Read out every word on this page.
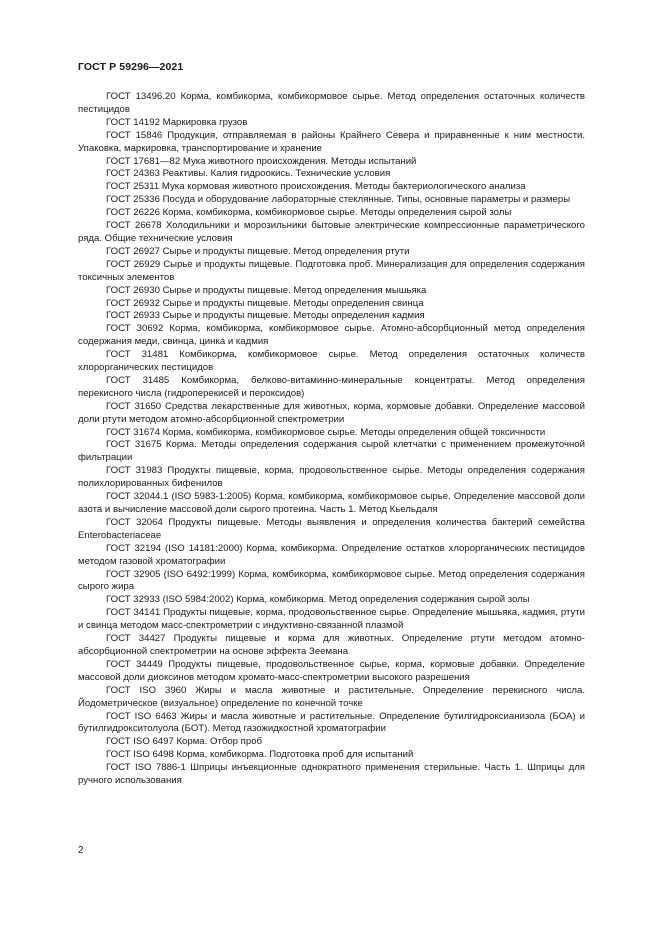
ГОСТ Р 59296—2021

ГОСТ 13496.20 Корма, комбикорма, комбикормовое сырье. Метод определения остаточных количеств пестицидов

ГОСТ 14192 Маркировка грузов

ГОСТ 15846 Продукция, отправляемая в районы Крайнего Севера и приравненные к ним местности. Упаковка, маркировка, транспортирование и хранение

ГОСТ 17681—82 Мука животного происхождения. Методы испытаний

ГОСТ 24363 Реактивы. Калия гидроокись. Технические условия

ГОСТ 25311 Мука кормовая животного происхождения. Методы бактериологического анализа

ГОСТ 25336 Посуда и оборудование лабораторные стеклянные. Типы, основные параметры и размеры

ГОСТ 26226 Корма, комбикорма, комбикормовое сырье. Методы определения сырой золы

ГОСТ 26678 Холодильники и морозильники бытовые электрические компрессионные параметрического ряда. Общие технические условия

ГОСТ 26927 Сырье и продукты пищевые. Метод определения ртути

ГОСТ 26929 Сырье и продукты пищевые. Подготовка проб. Минерализация для определения содержания токсичных элементов

ГОСТ 26930 Сырье и продукты пищевые. Метод определения мышьяка

ГОСТ 26932 Сырье и продукты пищевые. Методы определения свинца

ГОСТ 26933 Сырье и продукты пищевые. Методы определения кадмия

ГОСТ 30692 Корма, комбикорма, комбикормовое сырье. Атомно-абсорбционный метод определения содержания меди, свинца, цинка и кадмия

ГОСТ 31481 Комбикорма, комбикормовое сырье. Метод определения остаточных количеств хлорорганических пестицидов

ГОСТ 31485 Комбикорма, белково-витаминно-минеральные концентраты. Метод определения перекисного числа (гидроперекисей и пероксидов)

ГОСТ 31650 Средства лекарственные для животных, корма, кормовые добавки. Определение массовой доли ртути методом атомно-абсорбционной спектрометрии

ГОСТ 31674 Корма, комбикорма, комбикормовое сырье. Методы определения общей токсичности

ГОСТ 31675 Корма. Методы определения содержания сырой клетчатки с применением промежуточной фильтрации

ГОСТ 31983 Продукты пищевые, корма, продовольственное сырье. Методы определения содержания полихлорированных бифенилов

ГОСТ 32044.1 (ISO 5983-1:2005) Корма, комбикорма, комбикормовое сырье. Определение массовой доли азота и вычисление массовой доли сырого протеина. Часть 1. Метод Кьельдаля

ГОСТ 32064 Продукты пищевые. Методы выявления и определения количества бактерий семейства Enterobacteriaceae

ГОСТ 32194 (ISO 14181:2000) Корма, комбикорма. Определение остатков хлорорганических пестицидов методом газовой хроматографии

ГОСТ 32905 (ISO 6492:1999) Корма, комбикорма, комбикормовое сырье. Метод определения содержания сырого жира

ГОСТ 32933 (ISO 5984:2002) Корма, комбикорма. Метод определения содержания сырой золы

ГОСТ 34141 Продукты пищевые, корма, продовольственное сырье. Определение мышьяка, кадмия, ртути и свинца методом масс-спектрометрии с индуктивно-связанной плазмой

ГОСТ 34427 Продукты пищевые и корма для животных. Определение ртути методом атомно-абсорбционной спектрометрии на основе эффекта Зеемана

ГОСТ 34449 Продукты пищевые, продовольственное сырье, корма, кормовые добавки. Определение массовой доли диоксинов методом хромато-масс-спектрометрии высокого разрешения

ГОСТ ISO 3960 Жиры и масла животные и растительные. Определение перекисного числа. Йодометрическое (визуальное) определение по конечной точке

ГОСТ ISO 6463 Жиры и масла животные и растительные. Определение бутилгидроксианизола (БОА) и бутилгидрокситолуола (БОТ). Метод газожидкостной хроматографии

ГОСТ ISO 6497 Корма. Отбор проб

ГОСТ ISO 6498 Корма, комбикорма. Подготовка проб для испытаний

ГОСТ ISO 7886-1 Шприцы инъекционные однократного применения стерильные. Часть 1. Шприцы для ручного использования

2
